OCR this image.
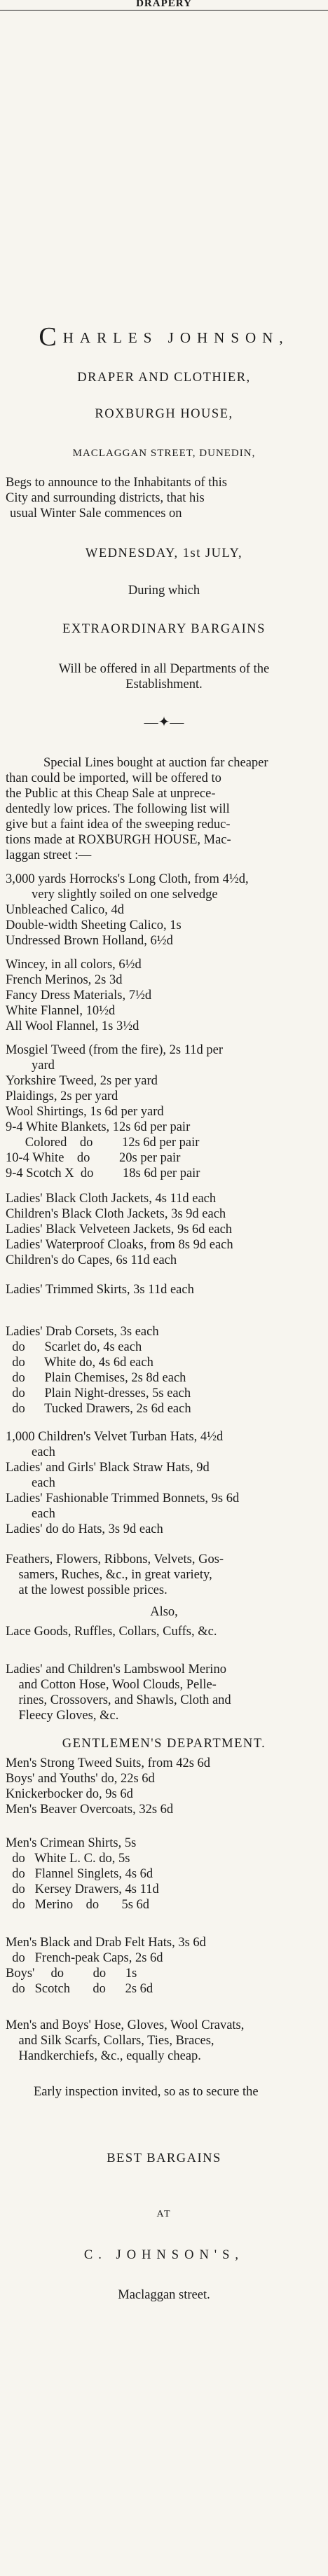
DRAPERY
CHARLES JOHNSON,
DRAPER AND CLOTHIER,
ROXBURGH HOUSE,
MACLAGGAN STREET, DUNEDIN,
Begs to announce to the Inhabitants of this
City and surrounding districts, that his
usual Winter Sale commences on
WEDNESDAY, 1st JULY,
During which
EXTRAORDINARY BARGAINS
Will be offered in all Departments of the
Establishment.
—✦—
Special Lines bought at auction far cheaper
than could be imported, will be offered to
the Public at this Cheap Sale at unprece-
dentedly low prices. The following list will
give but a faint idea of the sweeping reduc-
tions made at ROXBURGH HOUSE, Mac-
laggan street :—
3,000 yards Horrocks's Long Cloth, from 4½d,
very slightly soiled on one selvedge
Unbleached Calico, 4d
Double-width Sheeting Calico, 1s
Undressed Brown Holland, 6½d
Wincey, in all colors, 6½d
French Merinos, 2s 3d
Fancy Dress Materials, 7½d
White Flannel, 10½d
All Wool Flannel, 1s 3½d
Mosgiel Tweed (from the fire), 2s 11d per
yard
Yorkshire Tweed, 2s per yard
Plaidings, 2s per yard
Wool Shirtings, 1s 6d per yard
9-4 White Blankets, 12s 6d per pair
Colored    do         12s 6d per pair
10-4 White    do         20s per pair
9-4 Scotch X  do         18s 6d per pair
Ladies' Black Cloth Jackets, 4s 11d each
Children's Black Cloth Jackets, 3s 9d each
Ladies' Black Velveteen Jackets, 9s 6d each
Ladies' Waterproof Cloaks, from 8s 9d each
Children's do Capes, 6s 11d each
Ladies' Trimmed Skirts, 3s 11d each
Ladies' Drab Corsets, 3s each
do      Scarlet do, 4s each
do      White do, 4s 6d each
do      Plain Chemises, 2s 8d each
do      Plain Night-dresses, 5s each
do      Tucked Drawers, 2s 6d each
1,000 Children's Velvet Turban Hats, 4½d
each
Ladies' and Girls' Black Straw Hats, 9d
each
Ladies' Fashionable Trimmed Bonnets, 9s 6d
each
Ladies' do do Hats, 3s 9d each
Feathers, Flowers, Ribbons, Velvets, Gos-
samers, Ruches, &c., in great variety,
at the lowest possible prices.
Also,
Lace Goods, Ruffles, Collars, Cuffs, &c.
Ladies' and Children's Lambswool Merino
and Cotton Hose, Wool Clouds, Pelle-
rines, Crossovers, and Shawls, Cloth and
Fleecy Gloves, &c.
GENTLEMEN'S DEPARTMENT.
Men's Strong Tweed Suits, from 42s 6d
Boys' and Youths' do, 22s 6d
Knickerbocker do, 9s 6d
Men's Beaver Overcoats, 32s 6d
Men's Crimean Shirts, 5s
do   White L. C. do, 5s
do   Flannel Singlets, 4s 6d
do   Kersey Drawers, 4s 11d
do   Merino    do       5s 6d
Men's Black and Drab Felt Hats, 3s 6d
do   French-peak Caps, 2s 6d
Boys'     do         do      1s
do   Scotch       do      2s 6d
Men's and Boys' Hose, Gloves, Wool Cravats,
and Silk Scarfs, Collars, Ties, Braces,
Handkerchiefs, &c., equally cheap.
Early inspection invited, so as to secure the
BEST BARGAINS
AT
C. JOHNSON'S,
Maclaggan street.
